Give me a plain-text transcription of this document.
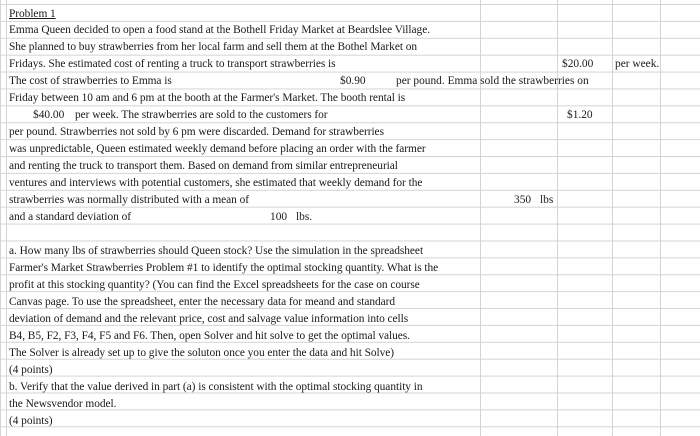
Problem 1
Emma Queen decided to open a food stand at the Bothell Friday Market at Beardslee Village.
She planned to buy strawberries from her local farm and sell them at the Bothel Market on
Fridays. She estimated cost of renting a truck to transport strawberries is	$20.00 per week.
The cost of strawberries to Emma is	$0.90	per pound. Emma sold the strawberries on
Friday between 10 am and 6 pm at the booth at the Farmer's Market. The booth rental is
$40.00 per week. The strawberries are sold to the customers for	$1.20
per pound. Strawberries not sold by 6 pm were discarded. Demand for strawberries
was unpredictable, Queen estimated weekly demand before placing an order with the farmer
and renting the truck to transport them. Based on demand from similar entrepreneurial
ventures and interviews with potential customers, she estimated that weekly demand for the
strawberries was normally distributed with a mean of	350 lbs
and a standard deviation of	100 lbs.
a. How many lbs of strawberries should Queen stock? Use the simulation in the spreadsheet
Farmer's Market Strawberries Problem #1 to identify the optimal stocking quantity. What is the
profit at this stocking quantity? (You can find the Excel spreadsheets for the case on course
Canvas page. To use the spreadsheet, enter the necessary data for meand and standard
deviation of demand and the relevant price, cost and salvage value information into cells
B4, B5, F2, F3, F4, F5 and F6. Then, open Solver and hit solve to get the optimal values.
The Solver is already set up to give the soluton once you enter the data and hit Solve)
(4 points)
b. Verify that the value derived in part (a) is consistent with the optimal stocking quantity in
the Newsvendor model.
(4 points)
